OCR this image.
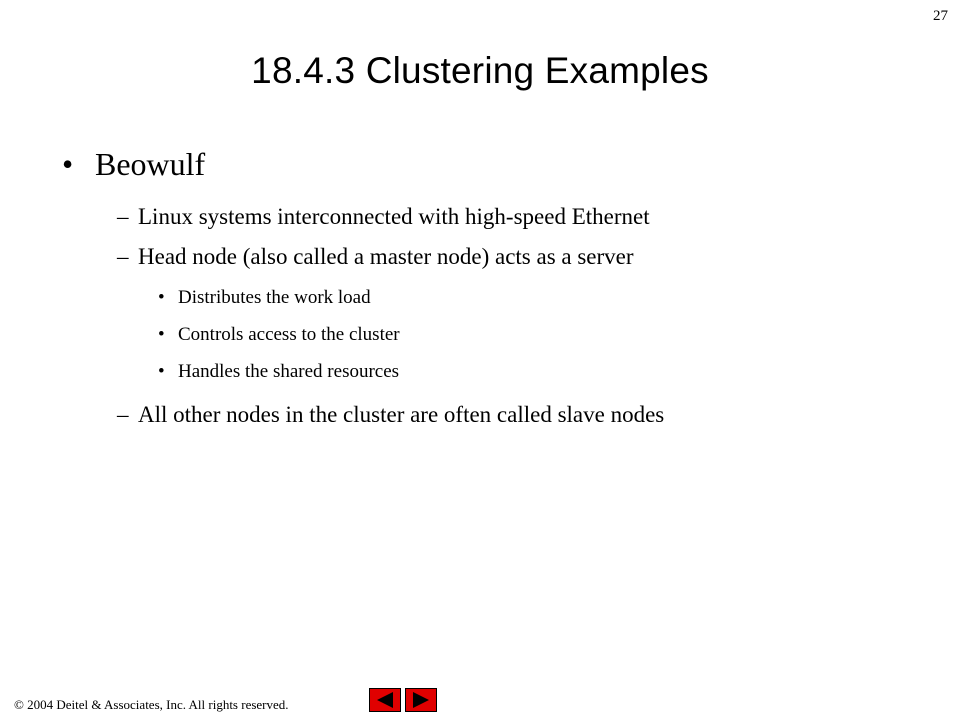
27
18.4.3 Clustering Examples
• Beowulf
– Linux systems interconnected with high-speed Ethernet
– Head node (also called a master node) acts as a server
• Distributes the work load
• Controls access to the cluster
• Handles the shared resources
– All other nodes in the cluster are often called slave nodes
© 2004 Deitel & Associates, Inc. All rights reserved.
